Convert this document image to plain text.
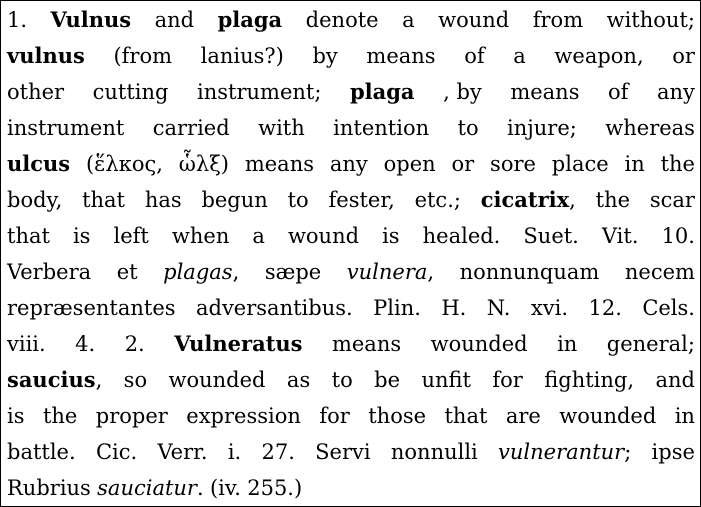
1. Vulnus and plaga denote a wound from without;
vulnus (from lanius?) by means of a weapon, or
other cutting instrument; plaga , by means of any
instrument carried with intention to injure; whereas
ulcus (ἕλκος, ὧλξ) means any open or sore place in the
body, that has begun to fester, etc.; cicatrix, the scar
that is left when a wound is healed. Suet. Vit. 10.
Verbera et plagas, sæpe vulnera, nonnunquam necem
repræsentantes adversantibus. Plin. H. N. xvi. 12. Cels.
viii. 4. 2. Vulneratus means wounded in general;
saucius, so wounded as to be unfit for fighting, and
is the proper expression for those that are wounded in
battle. Cic. Verr. i. 27. Servi nonnulli vulnerantur; ipse
Rubrius sauciatur. (iv. 255.)
